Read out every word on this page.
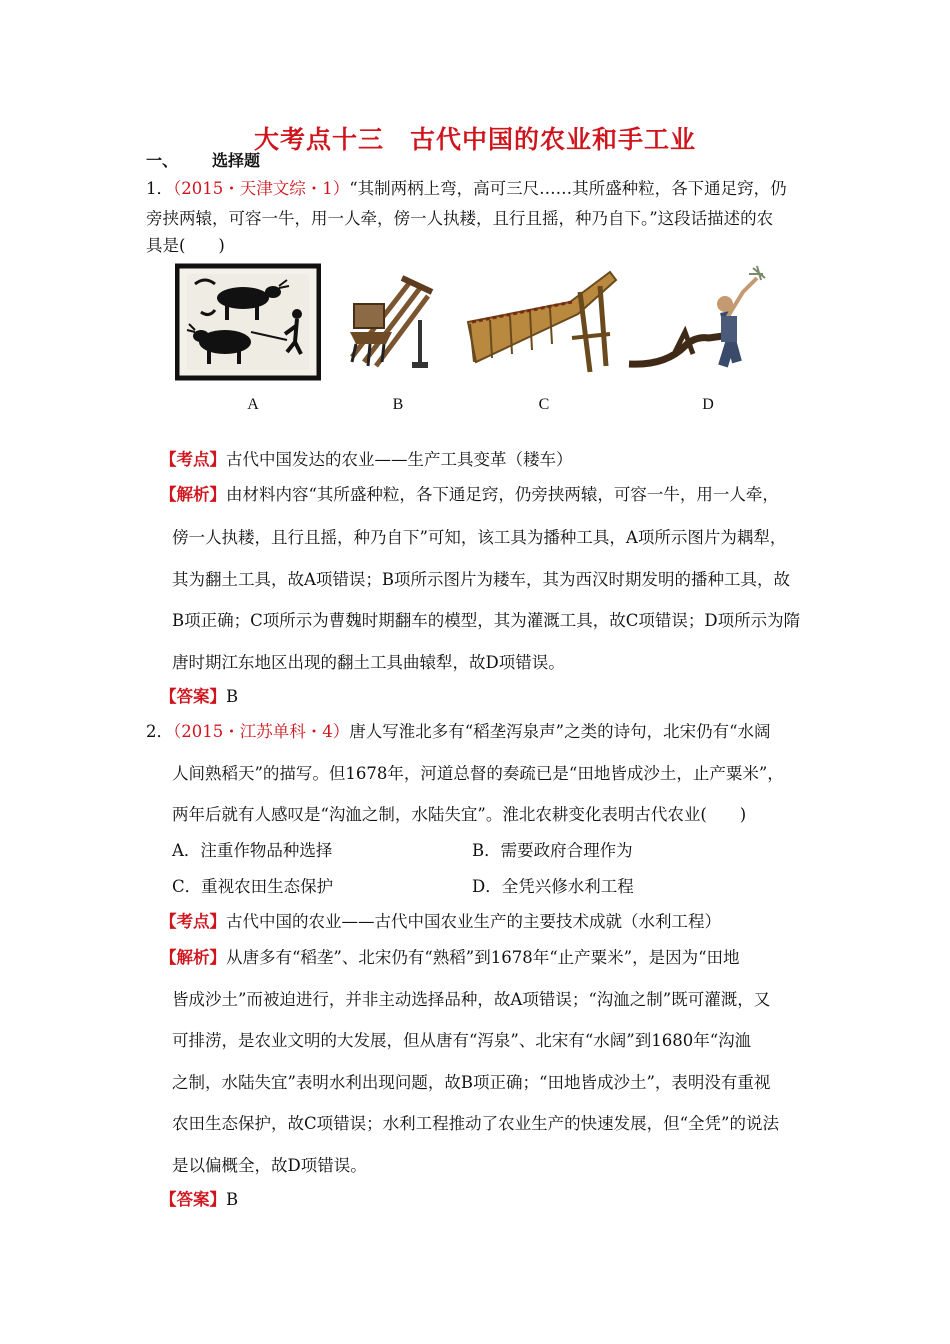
大考点十三　古代中国的农业和手工业
一、 选择题
1．（2015・天津文综・1）“其制两柄上弯，高可三尺……其所盛种粒，各下通足窍，仍
旁挟两辕，可容一牛，用一人牵，傍一人执耧，且行且摇，种乃自下。”这段话描述的农
具是(　　)
A	B	C	D
【考点】古代中国发达的农业——生产工具变革（耧车）
【解析】由材料内容“其所盛种粒，各下通足窍，仍旁挟两辕，可容一牛，用一人牵，
傍一人执耧，且行且摇，种乃自下”可知，该工具为播种工具，A项所示图片为耦犁，
其为翻土工具，故A项错误；B项所示图片为耧车，其为西汉时期发明的播种工具，故
B项正确；C项所示为曹魏时期翻车的模型，其为灌溉工具，故C项错误；D项所示为隋
唐时期江东地区出现的翻土工具曲辕犁，故D项错误。
【答案】B
2．（2015・江苏单科・4）唐人写淮北多有“稻垄泻泉声”之类的诗句，北宋仍有“水阔
人间熟稻天”的描写。但1678年，河道总督的奏疏已是“田地皆成沙土，止产粟米”，
两年后就有人感叹是“沟洫之制，水陆失宜”。淮北农耕变化表明古代农业(　　)
A．注重作物品种选择	B．需要政府合理作为
C．重视农田生态保护	D．全凭兴修水利工程
【考点】古代中国的农业——古代中国农业生产的主要技术成就（水利工程）
【解析】从唐多有“稻垄”、北宋仍有“熟稻”到1678年“止产粟米”，是因为“田地
皆成沙土”而被迫进行，并非主动选择品种，故A项错误；“沟洫之制”既可灌溉，又
可排涝，是农业文明的大发展，但从唐有“泻泉”、北宋有“水阔”到1680年“沟洫
之制，水陆失宜”表明水利出现问题，故B项正确；“田地皆成沙土”，表明没有重视
农田生态保护，故C项错误；水利工程推动了农业生产的快速发展，但“全凭”的说法
是以偏概全，故D项错误。
【答案】B
